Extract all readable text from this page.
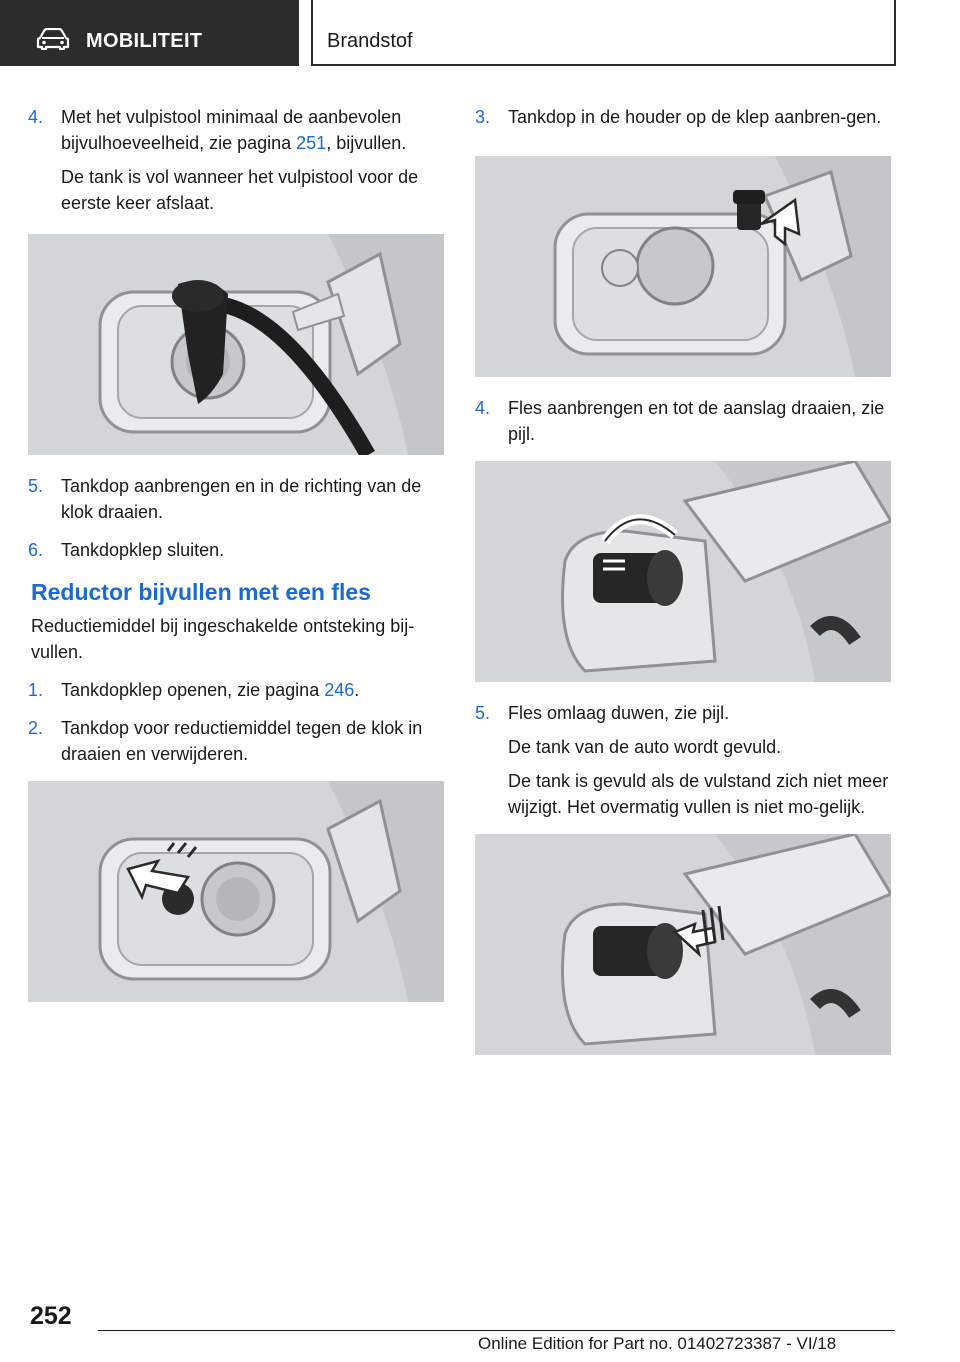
MOBILITEIT	Brandstof
4. Met het vulpistool minimaal de aanbevolen bijvulhoeveelheid, zie pagina 251, bijvullen.
De tank is vol wanneer het vulpistool voor de eerste keer afslaat.
5. Tankdop aanbrengen en in de richting van de klok draaien.
6. Tankdopklep sluiten.
Reductor bijvullen met een fles

Reductiemiddel bij ingeschakelde ontsteking bij-vullen.

1. Tankdopklep openen, zie pagina 246.
2. Tankdop voor reductiemiddel tegen de klok in draaien en verwijderen.
3. Tankdop in de houder op de klep aanbren-gen.
4. Fles aanbrengen en tot de aanslag draaien, zie pijl.
5. Fles omlaag duwen, zie pijl.
De tank van de auto wordt gevuld.
De tank is gevuld als de vulstand zich niet meer wijzigt. Het overmatig vullen is niet mo-gelijk.
252
Online Edition for Part no. 01402723387 - VI/18
